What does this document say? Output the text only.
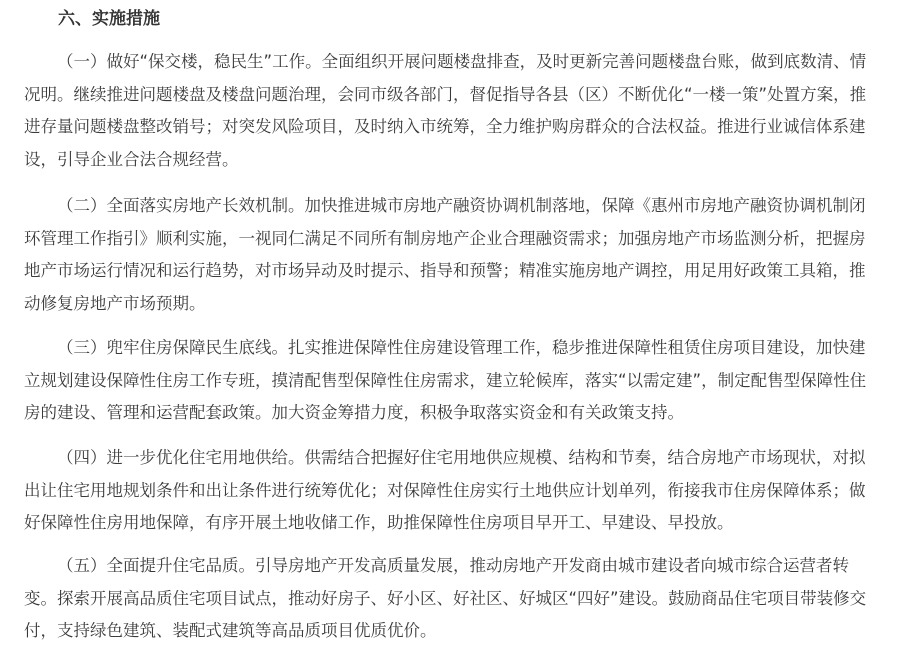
六、实施措施

（一）做好“保交楼，稳民生”工作。全面组织开展问题楼盘排查，及时更新完善问题楼盘台账，做到底数清、情况明。继续推进问题楼盘及楼盘问题治理，会同市级各部门，督促指导各县（区）不断优化“一楼一策”处置方案，推进存量问题楼盘整改销号；对突发风险项目，及时纳入市统筹，全力维护购房群众的合法权益。推进行业诚信体系建设，引导企业合法合规经营。

（二）全面落实房地产长效机制。加快推进城市房地产融资协调机制落地，保障《惠州市房地产融资协调机制闭环管理工作指引》顺利实施，一视同仁满足不同所有制房地产企业合理融资需求；加强房地产市场监测分析，把握房地产市场运行情况和运行趋势，对市场异动及时提示、指导和预警；精准实施房地产调控，用足用好政策工具箱，推动修复房地产市场预期。

（三）兜牢住房保障民生底线。扎实推进保障性住房建设管理工作，稳步推进保障性租赁住房项目建设，加快建立规划建设保障性住房工作专班，摸清配售型保障性住房需求，建立轮候库，落实“以需定建”，制定配售型保障性住房的建设、管理和运营配套政策。加大资金筹措力度，积极争取落实资金和有关政策支持。

（四）进一步优化住宅用地供给。供需结合把握好住宅用地供应规模、结构和节奏，结合房地产市场现状，对拟出让住宅用地规划条件和出让条件进行统筹优化；对保障性住房实行土地供应计划单列，衔接我市住房保障体系；做好保障性住房用地保障，有序开展土地收储工作，助推保障性住房项目早开工、早建设、早投放。

（五）全面提升住宅品质。引导房地产开发高质量发展，推动房地产开发商由城市建设者向城市综合运营者转变。探索开展高品质住宅项目试点，推动好房子、好小区、好社区、好城区“四好”建设。鼓励商品住宅项目带装修交付，支持绿色建筑、装配式建筑等高品质项目优质优价。
